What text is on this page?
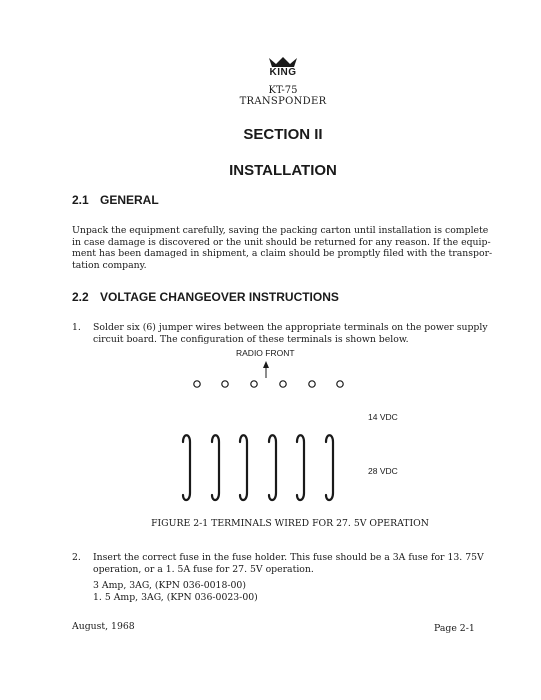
KING
KT-75
TRANSPONDER
SECTION II
INSTALLATION
2.1 GENERAL
Unpack the equipment carefully, saving the packing carton until installation is complete
in case damage is discovered or the unit should be returned for any reason. If the equip-
ment has been damaged in shipment, a claim should be promptly filed with the transpor-
tation company.
2.2 VOLTAGE CHANGEOVER INSTRUCTIONS
1. Solder six (6) jumper wires between the appropriate terminals on the power supply
circuit board. The configuration of these terminals is shown below.
RADIO FRONT
14 VDC
28 VDC
FIGURE 2-1 TERMINALS WIRED FOR 27. 5V OPERATION
2. Insert the correct fuse in the fuse holder. This fuse should be a 3A fuse for 13. 75V
operation, or a 1. 5A fuse for 27. 5V operation.
3 Amp, 3AG, (KPN 036-0018-00)
1. 5 Amp, 3AG, (KPN 036-0023-00)
August, 1968	Page 2-1
